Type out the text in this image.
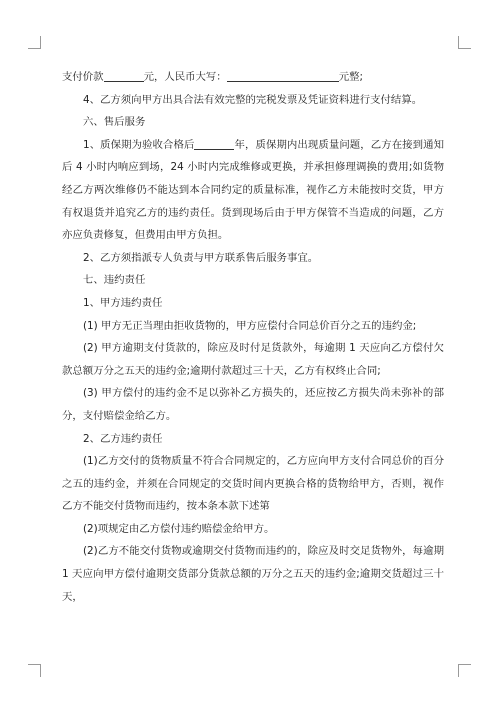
支付价款	元，人民币大写：	元整;

4、乙方须向甲方出具合法有效完整的完税发票及凭证资料进行支付结算。

六、售后服务

1、质保期为验收合格后	年，质保期内出现质量问题，乙方在接到通知后 4 小时内响应到场，24 小时内完成维修或更换，并承担修理调换的费用;如货物经乙方两次维修仍不能达到本合同约定的质量标准，视作乙方未能按时交货，甲方有权退货并追究乙方的违约责任。货到现场后由于甲方保管不当造成的问题，乙方亦应负责修复，但费用由甲方负担。

2、乙方须指派专人负责与甲方联系售后服务事宜。

七、违约责任

1、甲方违约责任

(1) 甲方无正当理由拒收货物的，甲方应偿付合同总价百分之五的违约金;

(2) 甲方逾期支付货款的，除应及时付足货款外，每逾期 1 天应向乙方偿付欠款总额万分之五天的违约金;逾期付款超过三十天，乙方有权终止合同;

(3) 甲方偿付的违约金不足以弥补乙方损失的，还应按乙方损失尚未弥补的部分，支付赔偿金给乙方。

2、乙方违约责任

(1)乙方交付的货物质量不符合合同规定的，乙方应向甲方支付合同总价的百分之五的违约金，并须在合同规定的交货时间内更换合格的货物给甲方，否则，视作乙方不能交付货物而违约，按本条本款下述第

(2)项规定由乙方偿付违约赔偿金给甲方。

(2)乙方不能交付货物或逾期交付货物而违约的，除应及时交足货物外，每逾期 1 天应向甲方偿付逾期交货部分货款总额的万分之五天的违约金;逾期交货超过三十天，
